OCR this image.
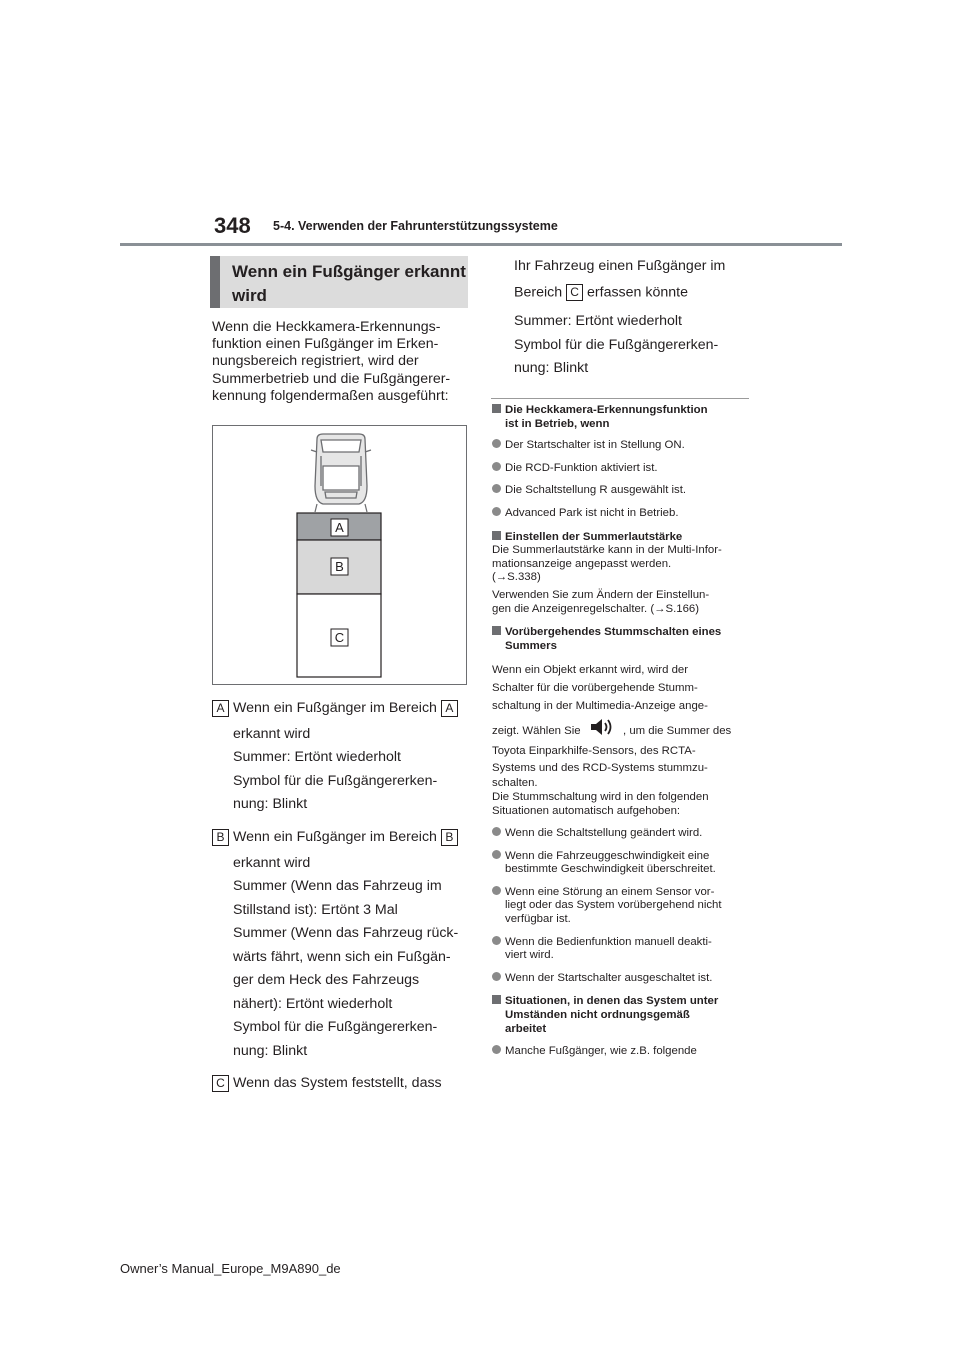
348 5-4. Verwenden der Fahrunterstützungssysteme
Wenn ein Fußgänger erkannt
wird
Wenn die Heckkamera-Erkennungs-
funktion einen Fußgänger im Erken-
nungsbereich registriert, wird der
Summerbetrieb und die Fußgängerer-
kennung folgendermaßen ausgeführt:
A
B
C
A Wenn ein Fußgänger im Bereich A
erkannt wird
Summer: Ertönt wiederholt
Symbol für die Fußgängererken-
nung: Blinkt
B Wenn ein Fußgänger im Bereich B
erkannt wird
Summer (Wenn das Fahrzeug im
Stillstand ist): Ertönt 3 Mal
Summer (Wenn das Fahrzeug rück-
wärts fährt, wenn sich ein Fußgän-
ger dem Heck des Fahrzeugs
nähert): Ertönt wiederholt
Symbol für die Fußgängererken-
nung: Blinkt
C Wenn das System feststellt, dass
Ihr Fahrzeug einen Fußgänger im
Bereich C erfassen könnte
Summer: Ertönt wiederholt
Symbol für die Fußgängererken-
nung: Blinkt
Die Heckkamera-Erkennungsfunktion
ist in Betrieb, wenn
Der Startschalter ist in Stellung ON.
Die RCD-Funktion aktiviert ist.
Die Schaltstellung R ausgewählt ist.
Advanced Park ist nicht in Betrieb.
Einstellen der Summerlautstärke
Die Summerlautstärke kann in der Multi-Infor-
mationsanzeige angepasst werden.
(→S.338)
Verwenden Sie zum Ändern der Einstellun-
gen die Anzeigenregelschalter. (→S.166)
Vorübergehendes Stummschalten eines
Summers
Wenn ein Objekt erkannt wird, wird der
Schalter für die vorübergehende Stumm-
schaltung in der Multimedia-Anzeige ange-
zeigt. Wählen Sie	, um die Summer des
Toyota Einparkhilfe-Sensors, des RCTA-
Systems und des RCD-Systems stummzu-
schalten.
Die Stummschaltung wird in den folgenden
Situationen automatisch aufgehoben:
Wenn die Schaltstellung geändert wird.
Wenn die Fahrzeuggeschwindigkeit eine
bestimmte Geschwindigkeit überschreitet.
Wenn eine Störung an einem Sensor vor-
liegt oder das System vorübergehend nicht
verfügbar ist.
Wenn die Bedienfunktion manuell deakti-
viert wird.
Wenn der Startschalter ausgeschaltet ist.
Situationen, in denen das System unter
Umständen nicht ordnungsgemäß
arbeitet
Manche Fußgänger, wie z.B. folgende
Owner’s Manual_Europe_M9A890_de
